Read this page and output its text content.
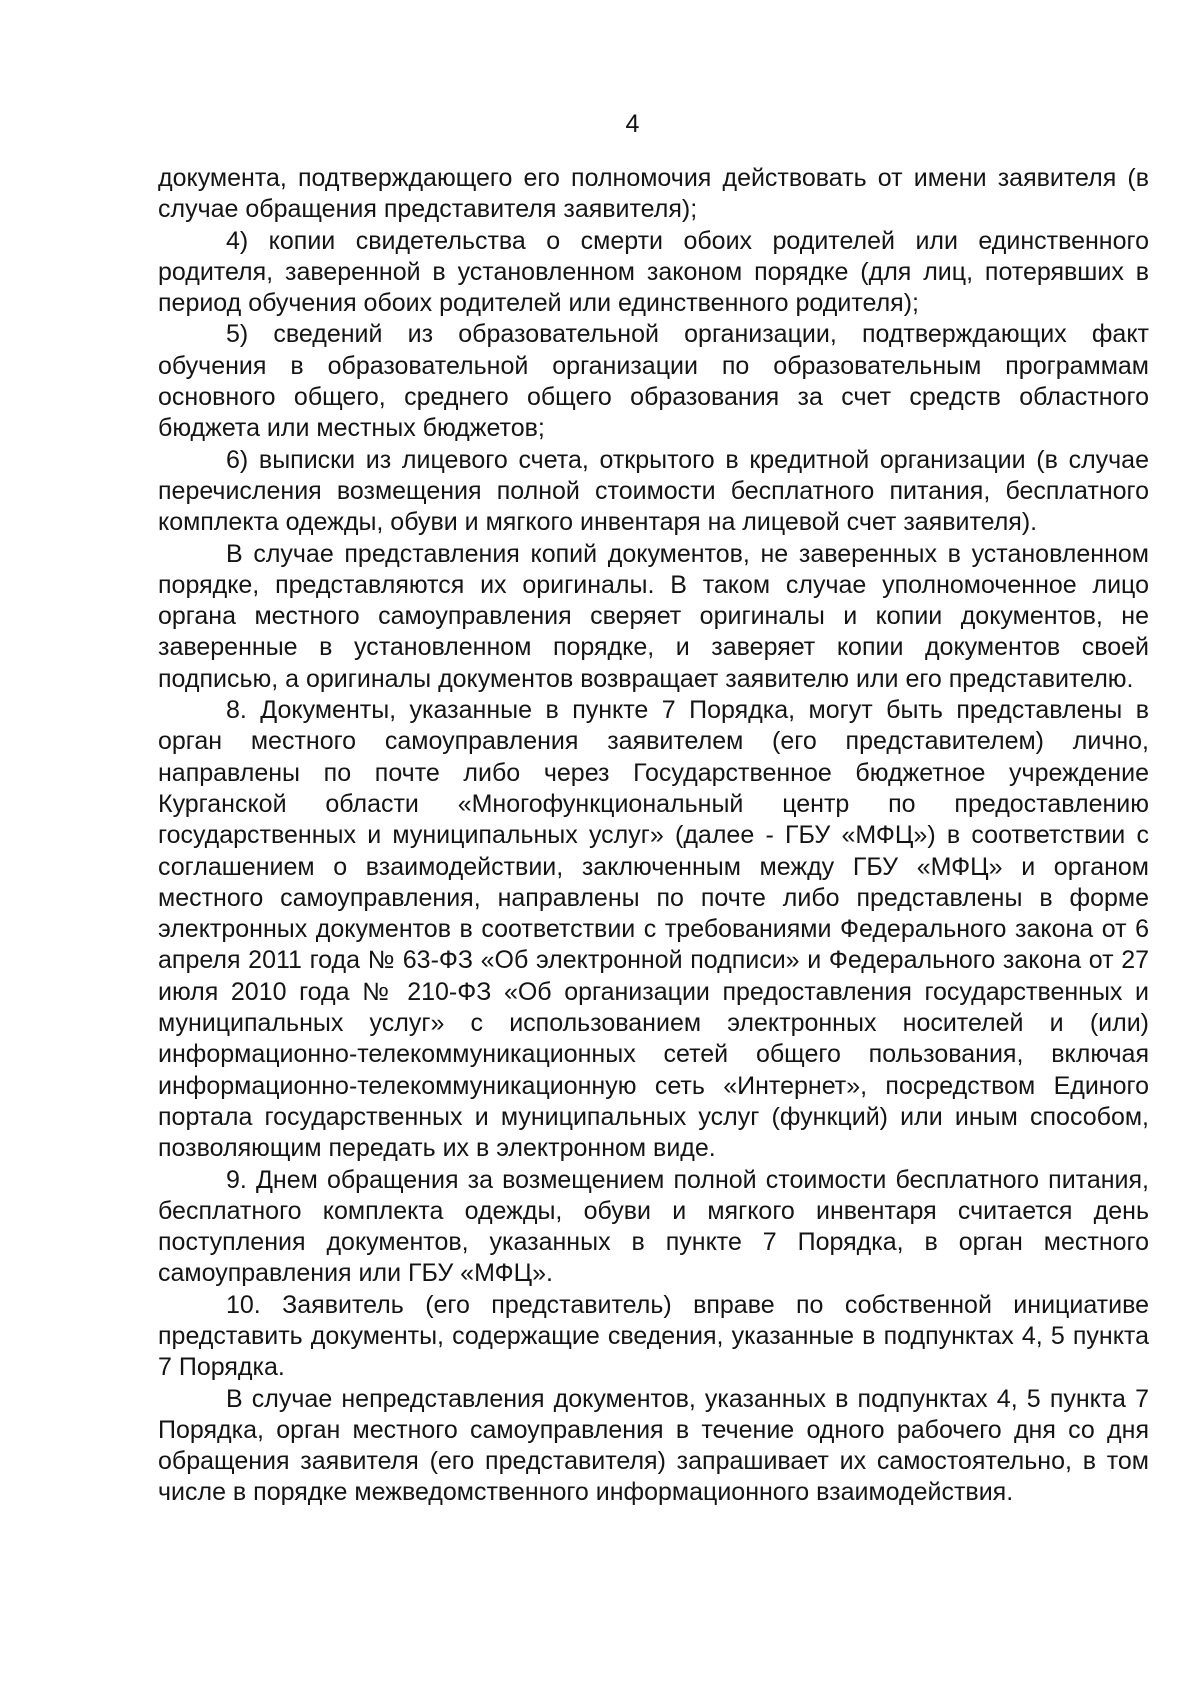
4

документа, подтверждающего его полномочия действовать от имени заявителя (в случае обращения представителя заявителя);

4) копии свидетельства о смерти обоих родителей или единственного родителя, заверенной в установленном законом порядке (для лиц, потерявших в период обучения обоих родителей или единственного родителя);

5) сведений из образовательной организации, подтверждающих факт обучения в образовательной организации по образовательным программам основного общего, среднего общего образования за счет средств областного бюджета или местных бюджетов;

6) выписки из лицевого счета, открытого в кредитной организации (в случае перечисления возмещения полной стоимости бесплатного питания, бесплатного комплекта одежды, обуви и мягкого инвентаря на лицевой счет заявителя).

В случае представления копий документов, не заверенных в установленном порядке, представляются их оригиналы. В таком случае уполномоченное лицо органа местного самоуправления сверяет оригиналы и копии документов, не заверенные в установленном порядке, и заверяет копии документов своей подписью, а оригиналы документов возвращает заявителю или его представителю.

8. Документы, указанные в пункте 7 Порядка, могут быть представлены в орган местного самоуправления заявителем (его представителем) лично, направлены по почте либо через Государственное бюджетное учреждение Курганской области «Многофункциональный центр по предоставлению государственных и муниципальных услуг» (далее - ГБУ «МФЦ») в соответствии с соглашением о взаимодействии, заключенным между ГБУ «МФЦ» и органом местного самоуправления, направлены по почте либо представлены в форме электронных документов в соответствии с требованиями Федерального закона от 6 апреля 2011 года № 63-ФЗ «Об электронной подписи» и Федерального закона от 27 июля 2010 года № 210-ФЗ «Об организации предоставления государственных и муниципальных услуг» с использованием электронных носителей и (или) информационно-телекоммуникационных сетей общего пользования, включая информационно-телекоммуникационную сеть «Интернет», посредством Единого портала государственных и муниципальных услуг (функций) или иным способом, позволяющим передать их в электронном виде.

9. Днем обращения за возмещением полной стоимости бесплатного питания, бесплатного комплекта одежды, обуви и мягкого инвентаря считается день поступления документов, указанных в пункте 7 Порядка, в орган местного самоуправления или ГБУ «МФЦ».

10. Заявитель (его представитель) вправе по собственной инициативе представить документы, содержащие сведения, указанные в подпунктах 4, 5 пункта 7 Порядка.

В случае непредставления документов, указанных в подпунктах 4, 5 пункта 7 Порядка, орган местного самоуправления в течение одного рабочего дня со дня обращения заявителя (его представителя) запрашивает их самостоятельно, в том числе в порядке межведомственного информационного взаимодействия.
